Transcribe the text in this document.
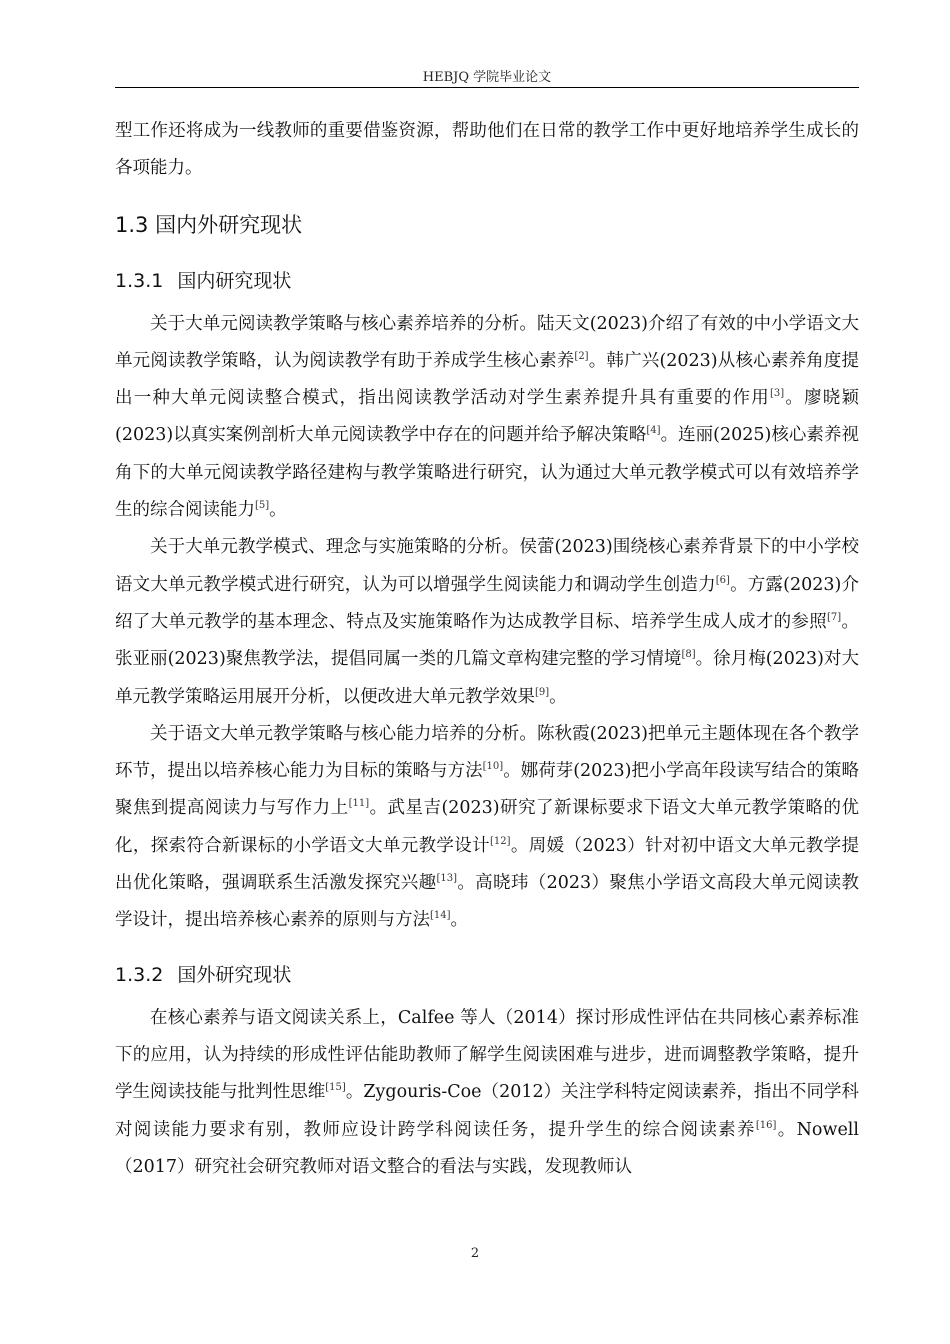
HEBJQ 学院毕业论文

型工作还将成为一线教师的重要借鉴资源，帮助他们在日常的教学工作中更好地培养学生成长的各项能力。

1.3 国内外研究现状
1.3.1 国内研究现状

关于大单元阅读教学策略与核心素养培养的分析。陆天文(2023)介绍了有效的中小学语文大单元阅读教学策略，认为阅读教学有助于养成学生核心素养[2]。韩广兴(2023)从核心素养角度提出一种大单元阅读整合模式，指出阅读教学活动对学生素养提升具有重要的作用[3]。廖晓颖(2023)以真实案例剖析大单元阅读教学中存在的问题并给予解决策略[4]。连丽(2025)核心素养视角下的大单元阅读教学路径建构与教学策略进行研究，认为通过大单元教学模式可以有效培养学生的综合阅读能力[5]。

关于大单元教学模式、理念与实施策略的分析。侯蕾(2023)围绕核心素养背景下的中小学校语文大单元教学模式进行研究，认为可以增强学生阅读能力和调动学生创造力[6]。方露(2023)介绍了大单元教学的基本理念、特点及实施策略作为达成教学目标、培养学生成人成才的参照[7]。张亚丽(2023)聚焦教学法，提倡同属一类的几篇文章构建完整的学习情境[8]。徐月梅(2023)对大单元教学策略运用展开分析，以便改进大单元教学效果[9]。

关于语文大单元教学策略与核心能力培养的分析。陈秋霞(2023)把单元主题体现在各个教学环节，提出以培养核心能力为目标的策略与方法[10]。娜荷芽(2023)把小学高年段读写结合的策略聚焦到提高阅读力与写作力上[11]。武星吉(2023)研究了新课标要求下语文大单元教学策略的优化，探索符合新课标的小学语文大单元教学设计[12]。周媛（2023）针对初中语文大单元教学提出优化策略，强调联系生活激发探究兴趣[13]。高晓玮（2023）聚焦小学语文高段大单元阅读教学设计，提出培养核心素养的原则与方法[14]。

1.3.2 国外研究现状

在核心素养与语文阅读关系上，Calfee 等人（2014）探讨形成性评估在共同核心素养标准下的应用，认为持续的形成性评估能助教师了解学生阅读困难与进步，进而调整教学策略，提升学生阅读技能与批判性思维[15]。Zygouris-Coe（2012）关注学科特定阅读素养，指出不同学科对阅读能力要求有别，教师应设计跨学科阅读任务，提升学生的综合阅读素养[16]。Nowell（2017）研究社会研究教师对语文整合的看法与实践，发现教师认

2
